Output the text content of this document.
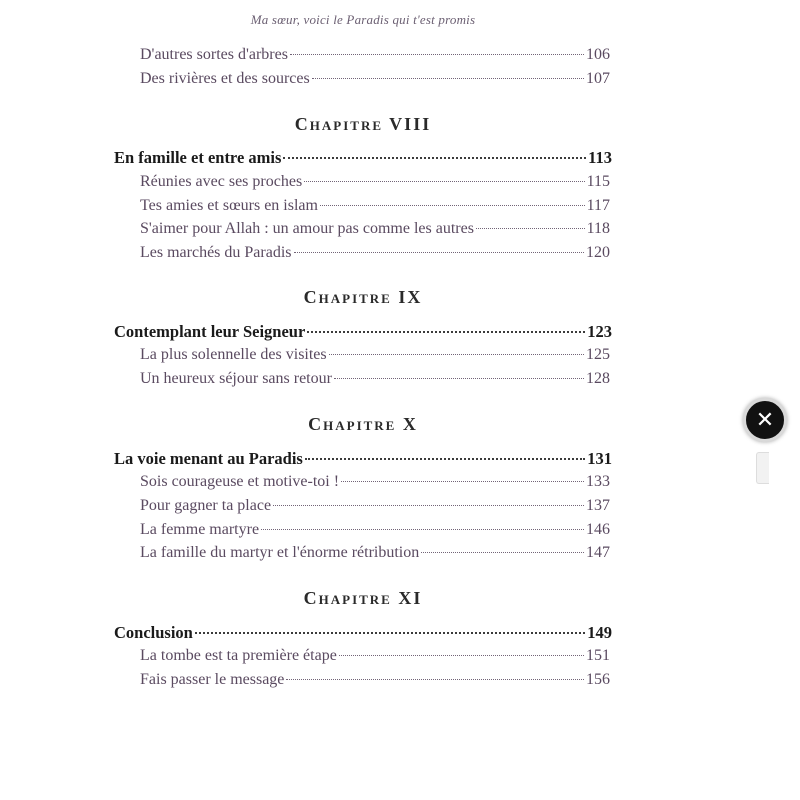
Ma sœur, voici le Paradis qui t'est promis
D'autres sortes d'arbres	106
Des rivières et des sources	107
Chapitre VIII
En famille et entre amis	113
Réunies avec ses proches	115
Tes amies et sœurs en islam	117
S'aimer pour Allah : un amour pas comme les autres	118
Les marchés du Paradis	120
Chapitre IX
Contemplant leur Seigneur	123
La plus solennelle des visites	125
Un heureux séjour sans retour	128
Chapitre X
La voie menant au Paradis	131
Sois courageuse et motive-toi !	133
Pour gagner ta place	137
La femme martyre	146
La famille du martyr et l'énorme rétribution	147
Chapitre XI
Conclusion	149
La tombe est ta première étape	151
Fais passer le message	156
✕
